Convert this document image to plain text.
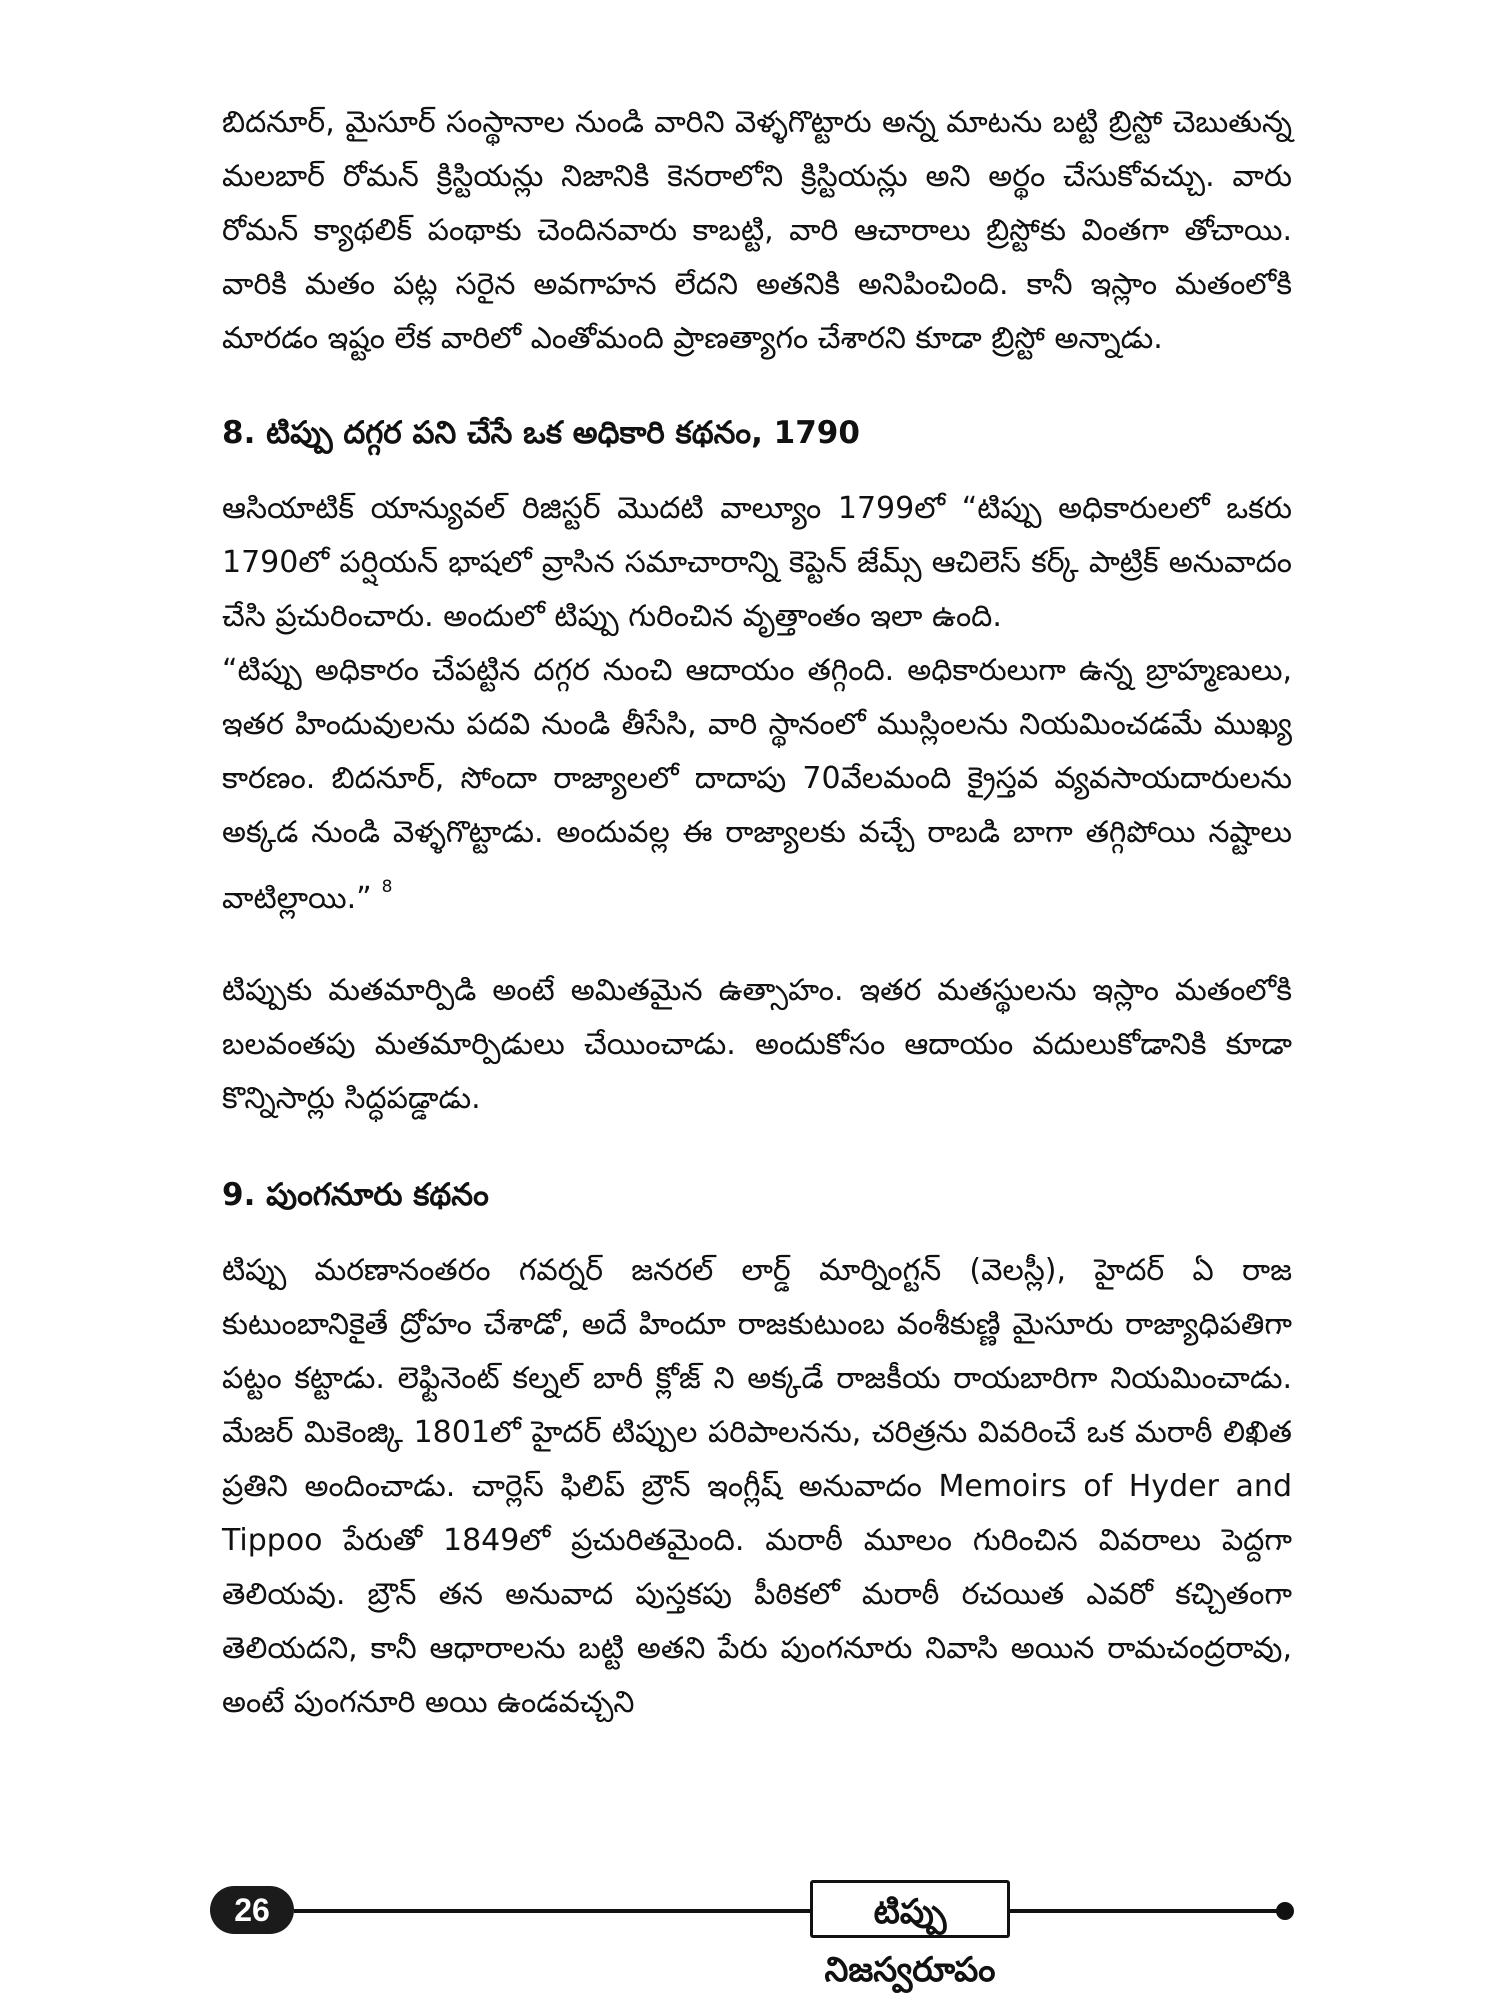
బిదనూర్, మైసూర్ సంస్థానాల నుండి వారిని వెళ్ళగొట్టారు అన్న మాటను బట్టి బ్రిస్టో చెబుతున్న మలబార్ రోమన్ క్రిస్టియన్లు నిజానికి కెనరాలోని క్రిస్టియన్లు అని అర్థం చేసుకోవచ్చు. వారు రోమన్ క్యాథలిక్ పంథాకు చెందినవారు కాబట్టి, వారి ఆచారాలు బ్రిస్టోకు వింతగా తోచాయి. వారికి మతం పట్ల సరైన అవగాహన లేదని అతనికి అనిపించింది. కానీ ఇస్లాం మతంలోకి మారడం ఇష్టం లేక వారిలో ఎంతోమంది ప్రాణత్యాగం చేశారని కూడా బ్రిస్టో అన్నాడు.

8. టిప్పు దగ్గర పని చేసే ఒక అధికారి కథనం, 1790

ఆసియాటిక్ యాన్యువల్ రిజిస్టర్ మొదటి వాల్యూం 1799లో “టిప్పు అధికారులలో ఒకరు 1790లో పర్షియన్ భాషలో వ్రాసిన సమాచారాన్ని కెప్టెన్ జేమ్స్ ఆచిలెస్ కర్క్ పాట్రిక్ అనువాదం చేసి ప్రచురించారు. అందులో టిప్పు గురించిన వృత్తాంతం ఇలా ఉంది.

“టిప్పు అధికారం చేపట్టిన దగ్గర నుంచి ఆదాయం తగ్గింది. అధికారులుగా ఉన్న బ్రాహ్మణులు, ఇతర హిందువులను పదవి నుండి తీసేసి, వారి స్థానంలో ముస్లింలను నియమించడమే ముఖ్య కారణం. బిదనూర్, సోందా రాజ్యాలలో దాదాపు 70వేలమంది క్రైస్తవ వ్యవసాయదారులను అక్కడ నుండి వెళ్ళగొట్టాడు. అందువల్ల ఈ రాజ్యాలకు వచ్చే రాబడి బాగా తగ్గిపోయి నష్టాలు వాటిల్లాయి.” $^8$

టిప్పుకు మతమార్పిడి అంటే అమితమైన ఉత్సాహం. ఇతర మతస్థులను ఇస్లాం మతంలోకి బలవంతపు మతమార్పిడులు చేయించాడు. అందుకోసం ఆదాయం వదులుకోడానికి కూడా కొన్నిసార్లు సిద్ధపడ్డాడు.

9. పుంగనూరు కథనం

టిప్పు మరణానంతరం గవర్నర్ జనరల్ లార్డ్ మార్నింగ్టన్ (వెలస్లీ), హైదర్ ఏ రాజ కుటుంబానికైతే ద్రోహం చేశాడో, అదే హిందూ రాజకుటుంబ వంశీకుణ్ణి మైసూరు రాజ్యాధిపతిగా పట్టం కట్టాడు. లెఫ్టినెంట్ కల్నల్ బారీ క్లోజ్ ని అక్కడే రాజకీయ రాయబారిగా నియమించాడు. మేజర్ మికెంజ్కి 1801లో హైదర్ టిప్పుల పరిపాలనను, చరిత్రను వివరించే ఒక మరాఠీ లిఖిత ప్రతిని అందించాడు. చార్లెస్ ఫిలిప్ బ్రౌన్ ఇంగ్లీష్ అనువాదం Memoirs of Hyder and Tippoo పేరుతో 1849లో ప్రచురితమైంది. మరాఠీ మూలం గురించిన వివరాలు పెద్దగా తెలియవు. బ్రౌన్ తన అనువాద పుస్తకపు పీఠికలో మరాఠీ రచయిత ఎవరో కచ్చితంగా తెలియదని, కానీ ఆధారాలను బట్టి అతని పేరు పుంగనూరు నివాసి అయిన రామచంద్రరావు, అంటే పుంగనూరి అయి ఉండవచ్చని

26	టిప్పు నిజస్వరూపం
